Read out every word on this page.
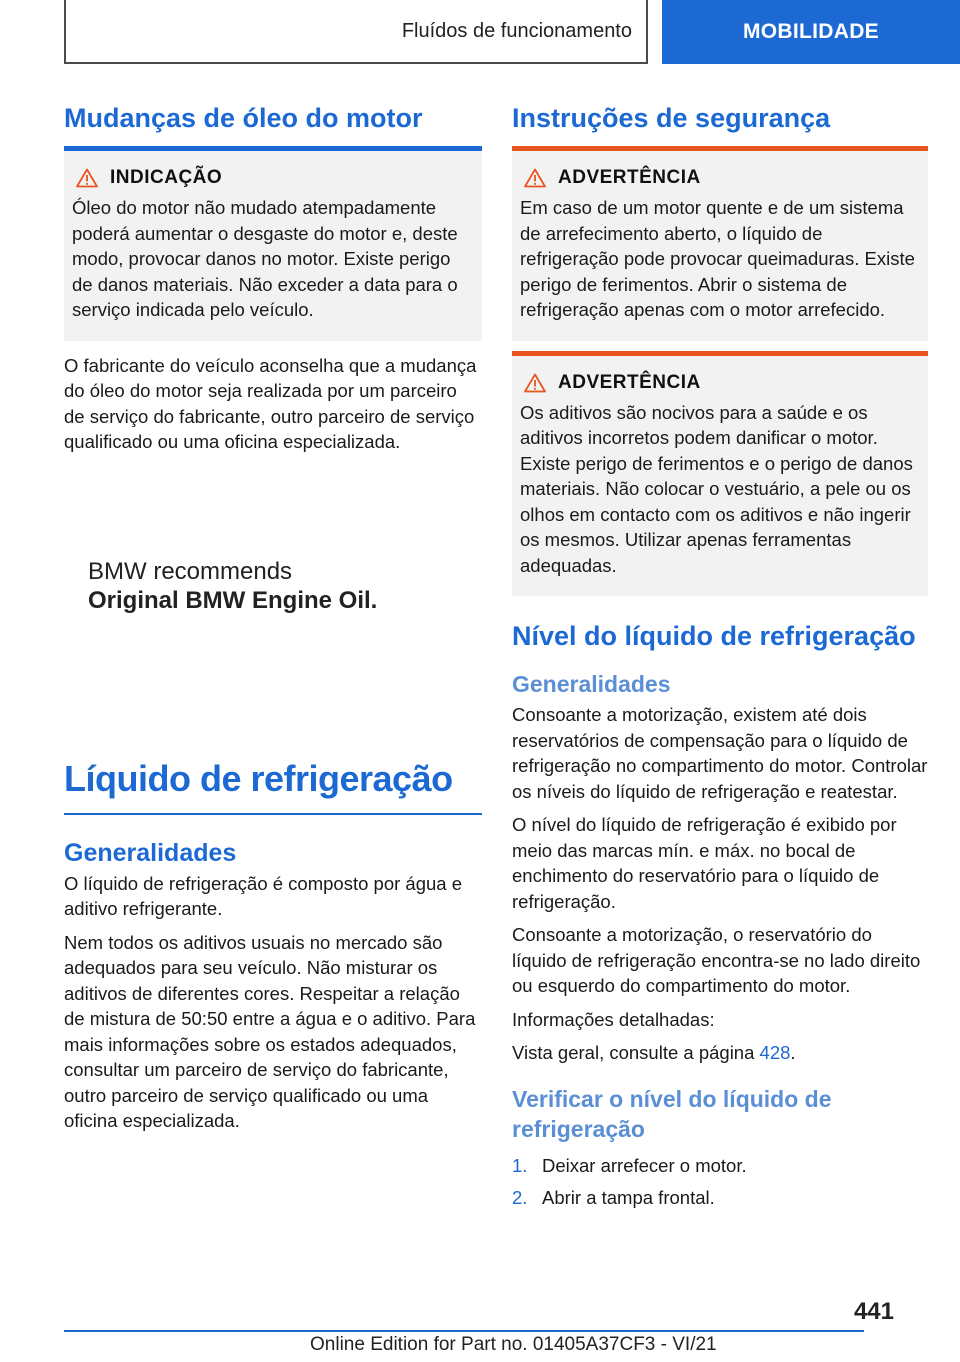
Fluídos de funcionamento	MOBILIDADE
Mudanças de óleo do motor
INDICAÇÃO
Óleo do motor não mudado atempadamente poderá aumentar o desgaste do motor e, deste modo, provocar danos no motor. Existe perigo de danos materiais. Não exceder a data para o serviço indicada pelo veículo.

O fabricante do veículo aconselha que a mudança do óleo do motor seja realizada por um parceiro de serviço do fabricante, outro parceiro de serviço qualificado ou uma oficina especializada.

BMW recommends
Original BMW Engine Oil.
Líquido de refrigeração
Generalidades

O líquido de refrigeração é composto por água e aditivo refrigerante.

Nem todos os aditivos usuais no mercado são adequados para seu veículo. Não misturar os aditivos de diferentes cores. Respeitar a relação de mistura de 50:50 entre a água e o aditivo. Para mais informações sobre os estados adequados, consultar um parceiro de serviço do fabricante, outro parceiro de serviço qualificado ou uma oficina especializada.

Instruções de segurança
ADVERTÊNCIA
Em caso de um motor quente e de um sistema de arrefecimento aberto, o líquido de refrigeração pode provocar queimaduras. Existe perigo de ferimentos. Abrir o sistema de refrigeração apenas com o motor arrefecido.
ADVERTÊNCIA
Os aditivos são nocivos para a saúde e os aditivos incorretos podem danificar o motor. Existe perigo de ferimentos e o perigo de danos materiais. Não colocar o vestuário, a pele ou os olhos em contacto com os aditivos e não ingerir os mesmos. Utilizar apenas ferramentas adequadas.
Nível do líquido de refrigeração
Generalidades

Consoante a motorização, existem até dois reservatórios de compensação para o líquido de refrigeração no compartimento do motor. Controlar os níveis do líquido de refrigeração e reatestar.

O nível do líquido de refrigeração é exibido por meio das marcas mín. e máx. no bocal de enchimento do reservatório para o líquido de refrigeração.

Consoante a motorização, o reservatório do líquido de refrigeração encontra-se no lado direito ou esquerdo do compartimento do motor.

Informações detalhadas:

Vista geral, consulte a página 428.

Verificar o nível do líquido de refrigeração
1. Deixar arrefecer o motor.
2. Abrir a tampa frontal.
441
Online Edition for Part no. 01405A37CF3 - VI/21
